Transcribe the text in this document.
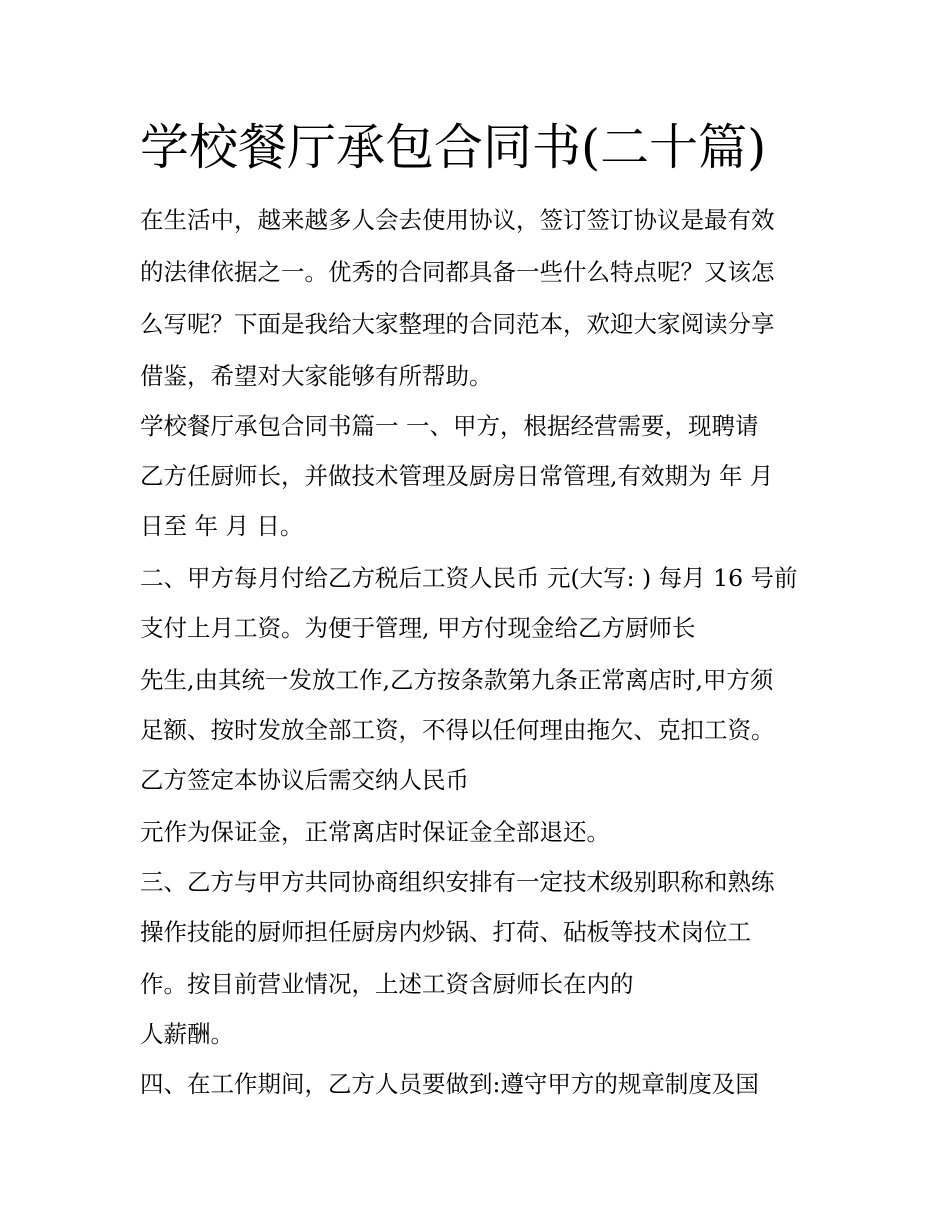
学校餐厅承包合同书(二十篇)

在生活中，越来越多人会去使用协议，签订签订协议是最有效

的法律依据之一。优秀的合同都具备一些什么特点呢？又该怎

么写呢？下面是我给大家整理的合同范本，欢迎大家阅读分享

借鉴，希望对大家能够有所帮助。

学校餐厅承包合同书篇一 一、甲方，根据经营需要，现聘请

乙方任厨师长，并做技术管理及厨房日常管理,有效期为 年 月

日至 年 月 日。

二、甲方每月付给乙方税后工资人民币 元(大写: ) 每月 16 号前

支付上月工资。为便于管理, 甲方付现金给乙方厨师长

先生,由其统一发放工作,乙方按条款第九条正常离店时,甲方须

足额、按时发放全部工资，不得以任何理由拖欠、克扣工资。

乙方签定本协议后需交纳人民币

元作为保证金，正常离店时保证金全部退还。

三、乙方与甲方共同协商组织安排有一定技术级别职称和熟练

操作技能的厨师担任厨房内炒锅、打荷、砧板等技术岗位工

作。按目前营业情况，上述工资含厨师长在内的

人薪酬。

四、在工作期间，乙方人员要做到:遵守甲方的规章制度及国
